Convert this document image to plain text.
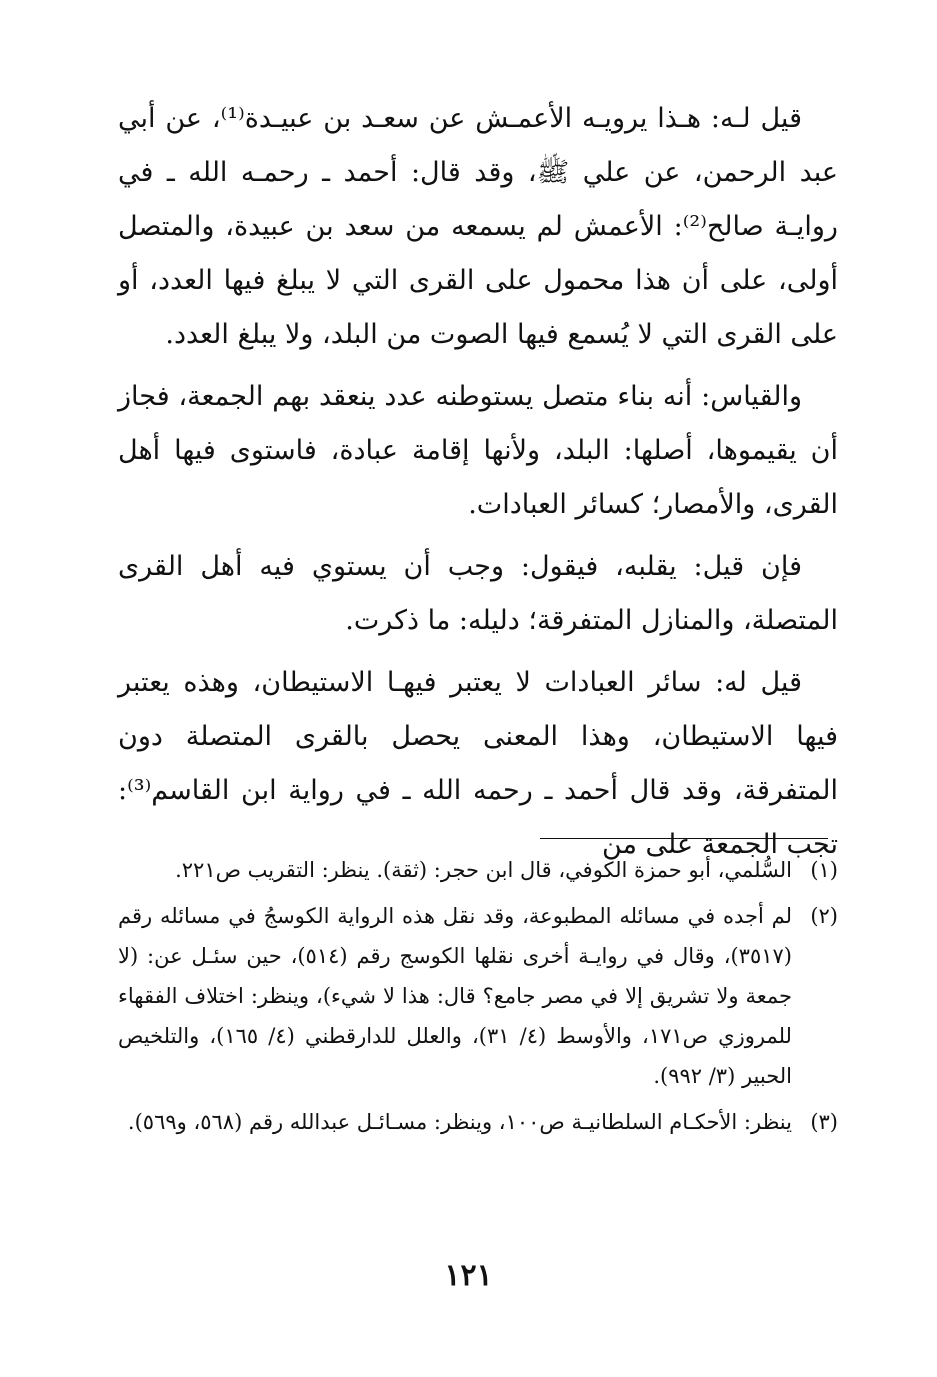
قيل لـه: هـذا يرويـه الأعمـش عن سعـد بن عبيـدة⁽¹⁾، عن أبي عبد الرحمن، عن علي ﷺ، وقد قال: أحمد ـ رحمـه الله ـ في روايـة صالح⁽²⁾: الأعمش لم يسمعه من سعد بن عبيدة، والمتصل أولى، على أن هذا محمول على القرى التي لا يبلغ فيها العدد، أو على القرى التي لا يُسمع فيها الصوت من البلد، ولا يبلغ العدد.

والقياس: أنه بناء متصل يستوطنه عدد ينعقد بهم الجمعة، فجاز أن يقيموها، أصلها: البلد، ولأنها إقامة عبادة، فاستوى فيها أهل القرى، والأمصار؛ كسائر العبادات.

فإن قيل: يقلبه، فيقول: وجب أن يستوي فيه أهل القرى المتصلة، والمنازل المتفرقة؛ دليله: ما ذكرت.

قيل له: سائر العبادات لا يعتبر فيهـا الاستيطان، وهذه يعتبر فيها الاستيطان، وهذا المعنى يحصل بالقرى المتصلة دون المتفرقة، وقد قال أحمد ـ رحمه الله ـ في رواية ابن القاسم⁽³⁾: تجب الجمعة على من

(١)
السُّلمي، أبو حمزة الكوفي، قال ابن حجر: (ثقة). ينظر: التقريب ص٢٢١.
(٢)
لم أجده في مسائله المطبوعة، وقد نقل هذه الرواية الكوسجُ في مسائله رقم (٣٥١٧)، وقال في روايـة أخرى نقلها الكوسج رقم (٥١٤)، حين سئـل عن: (لا جمعة ولا تشريق إلا في مصر جامع؟ قال: هذا لا شيء)، وينظر: اختلاف الفقهاء للمروزي ص١٧١، والأوسط (٤/ ٣١)، والعلل للدارقطني (٤/ ١٦٥)، والتلخيص الحبير (٣/ ٩٩٢).
(٣)
ينظر: الأحكـام السلطانيـة ص١٠٠، وينظر: مسـائـل عبدالله رقم (٥٦٨، و٥٦٩).
١٢١
